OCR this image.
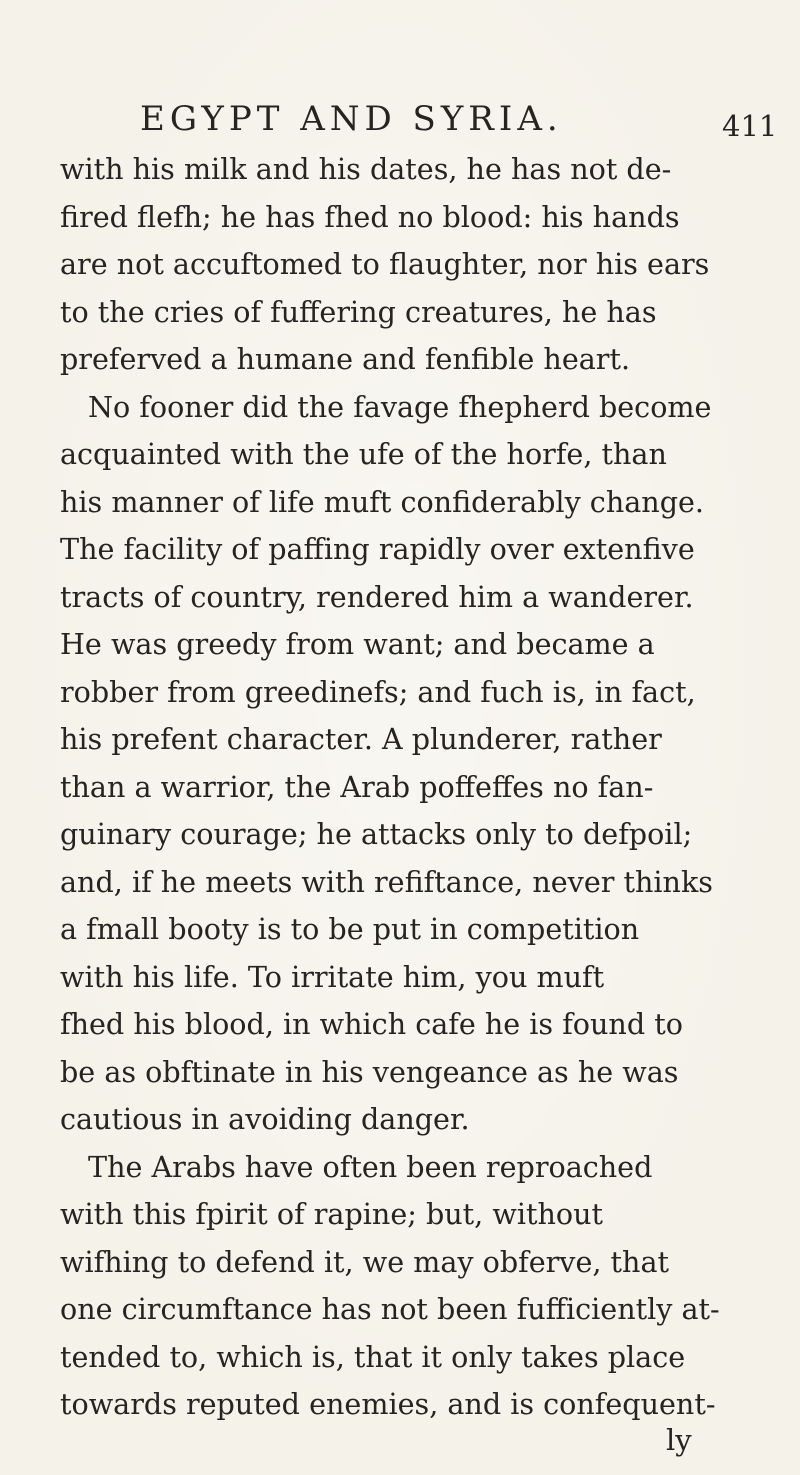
EGYPT AND SYRIA.	411
with his milk and his dates, he has not de-
fired flefh; he has fhed no blood: his hands
are not accuftomed to flaughter, nor his ears
to the cries of fuffering creatures, he has
preferved a humane and fenfible heart.
No fooner did the favage fhepherd become
acquainted with the ufe of the horfe, than
his manner of life muft confiderably change.
The facility of paffing rapidly over extenfive
tracts of country, rendered him a wanderer.
He was greedy from want; and became a
robber from greedinefs; and fuch is, in fact,
his prefent character. A plunderer, rather
than a warrior, the Arab poffeffes no fan-
guinary courage; he attacks only to defpoil;
and, if he meets with refiftance, never thinks
a fmall booty is to be put in competition
with his life. To irritate him, you muft
fhed his blood, in which cafe he is found to
be as obftinate in his vengeance as he was
cautious in avoiding danger.
The Arabs have often been reproached
with this fpirit of rapine; but, without
wifhing to defend it, we may obferve, that
one circumftance has not been fufficiently at-
tended to, which is, that it only takes place
towards reputed enemies, and is confequent-
ly
